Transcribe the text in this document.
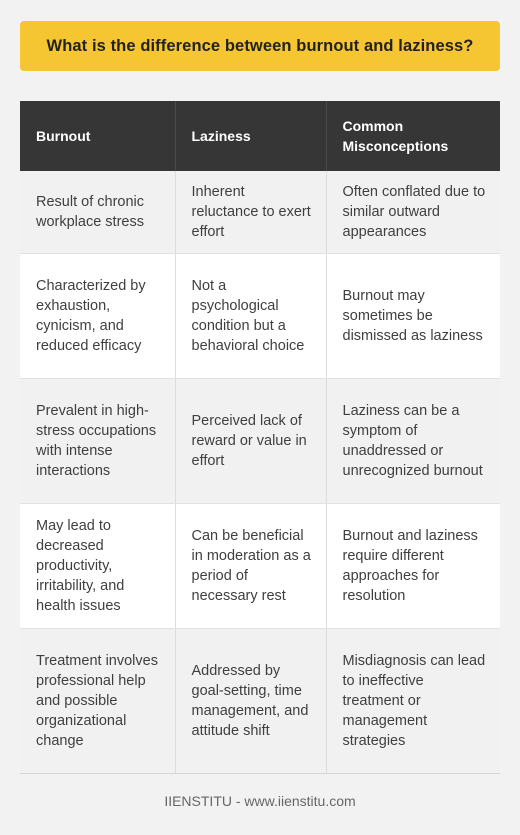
What is the difference between burnout and laziness?
Burnout	Laziness	Common Misconceptions
Result of chronic workplace stress	Inherent reluctance to exert effort	Often conflated due to similar outward appearances
Characterized by exhaustion, cynicism, and reduced efficacy	Not a psychological condition but a behavioral choice	Burnout may sometimes be dismissed as laziness
Prevalent in high-stress occupations with intense interactions	Perceived lack of reward or value in effort	Laziness can be a symptom of unaddressed or unrecognized burnout
May lead to decreased productivity, irritability, and health issues	Can be beneficial in moderation as a period of necessary rest	Burnout and laziness require different approaches for resolution
Treatment involves professional help and possible organizational change	Addressed by goal-setting, time management, and attitude shift	Misdiagnosis can lead to ineffective treatment or management strategies
IIENSTITU - www.iienstitu.com
